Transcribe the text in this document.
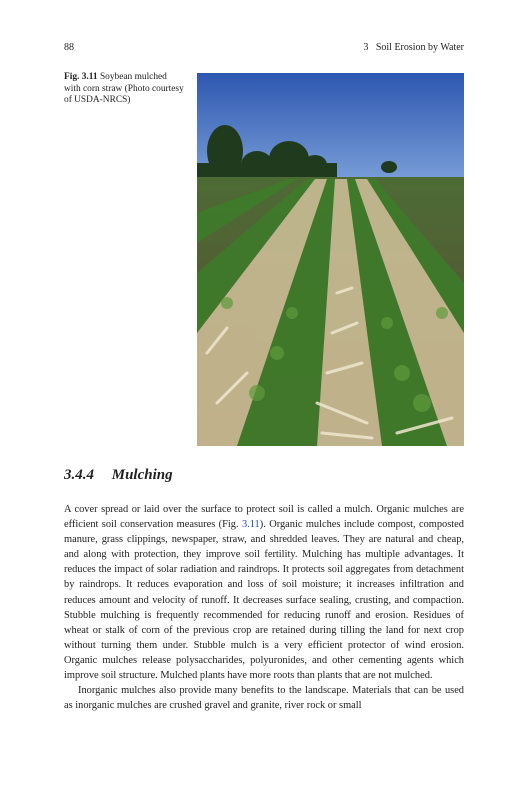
88	3   Soil Erosion by Water
Fig. 3.11 Soybean mulched with corn straw (Photo courtesy of USDA-NRCS)
3.4.4 Mulching

A cover spread or laid over the surface to protect soil is called a mulch. Organic mulches are efficient soil conservation measures (Fig. 3.11). Organic mulches include compost, composted manure, grass clippings, newspaper, straw, and shredded leaves. They are natural and cheap, and along with protection, they improve soil fertility. Mulching has multiple advantages. It reduces the impact of solar radiation and raindrops. It protects soil aggregates from detachment by raindrops. It reduces evaporation and loss of soil moisture; it increases infiltration and reduces amount and velocity of runoff. It decreases surface sealing, crusting, and compaction. Stubble mulching is frequently recommended for reducing runoff and erosion. Residues of wheat or stalk of corn of the previous crop are retained during tilling the land for next crop without turning them under. Stubble mulch is a very efficient protector of wind erosion. Organic mulches release polysaccharides, polyuronides, and other cementing agents which improve soil structure. Mulched plants have more roots than plants that are not mulched.

Inorganic mulches also provide many benefits to the landscape. Materials that can be used as inorganic mulches are crushed gravel and granite, river rock or small
